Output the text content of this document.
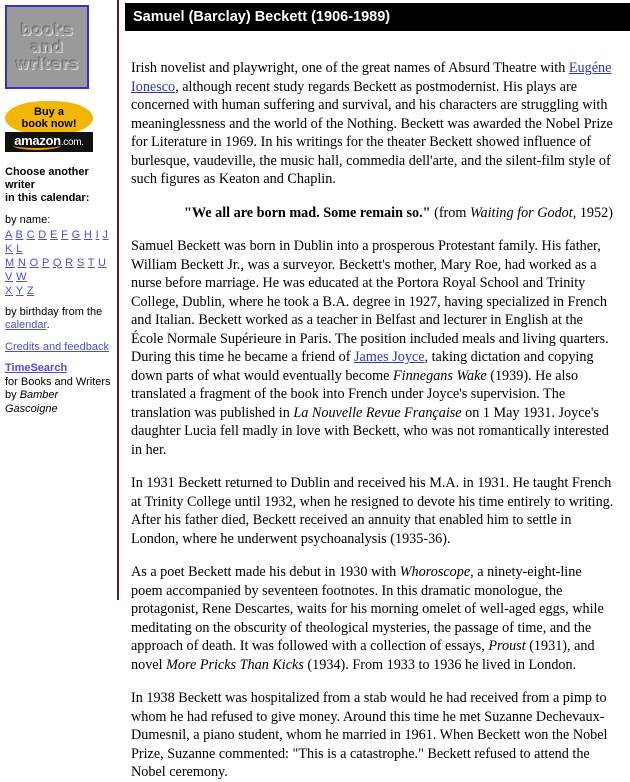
books
and
writers
Buy a
book now!
amazon.com.
Choose another writer
in this calendar:
by name:
A B C D E F G H I J K L
M N O P Q R S T U V W
X Y Z
by birthday from the
calendar.
Credits and feedback
TimeSearch
for Books and Writers
by Bamber Gascoigne
Samuel (Barclay) Beckett (1906-1989)

Irish novelist and playwright, one of the great names of Absurd Theatre with Eugéne Ionesco, although recent study regards Beckett as postmodernist. His plays are concerned with human suffering and survival, and his characters are struggling with meaninglessness and the world of the Nothing. Beckett was awarded the Nobel Prize for Literature in 1969. In his writings for the theater Beckett showed influence of burlesque, vaudeville, the music hall, commedia dell'arte, and the silent-film style of such figures as Keaton and Chaplin.

"We all are born mad. Some remain so." (from Waiting for Godot, 1952)

Samuel Beckett was born in Dublin into a prosperous Protestant family. His father, William Beckett Jr., was a surveyor. Beckett's mother, Mary Roe, had worked as a nurse before marriage. He was educated at the Portora Royal School and Trinity College, Dublin, where he took a B.A. degree in 1927, having specialized in French and Italian. Beckett worked as a teacher in Belfast and lecturer in English at the École Normale Supérieure in Paris. The position included meals and living quarters. During this time he became a friend of James Joyce, taking dictation and copying down parts of what would eventually become Finnegans Wake (1939). He also translated a fragment of the book into French under Joyce's supervision. The translation was published in La Nouvelle Revue Française on 1 May 1931. Joyce's daughter Lucia fell madly in love with Beckett, who was not romantically interested in her.

In 1931 Beckett returned to Dublin and received his M.A. in 1931. He taught French at Trinity College until 1932, when he resigned to devote his time entirely to writing. After his father died, Beckett received an annuity that enabled him to settle in London, where he underwent psychoanalysis (1935-36).

As a poet Beckett made his debut in 1930 with Whoroscope, a ninety-eight-line poem accompanied by seventeen footnotes. In this dramatic monologue, the protagonist, Rene Descartes, waits for his morning omelet of well-aged eggs, while meditating on the obscurity of theological mysteries, the passage of time, and the approach of death. It was followed with a collection of essays, Proust (1931), and novel More Pricks Than Kicks (1934). From 1933 to 1936 he lived in London.

In 1938 Beckett was hospitalized from a stab would he had received from a pimp to whom he had refused to give money. Around this time he met Suzanne Dechevaux-Dumesnil, a piano student, whom he married in 1961. When Beckett won the Nobel Prize, Suzanne commented: "This is a catastrophe." Beckett refused to attend the Nobel ceremony.
